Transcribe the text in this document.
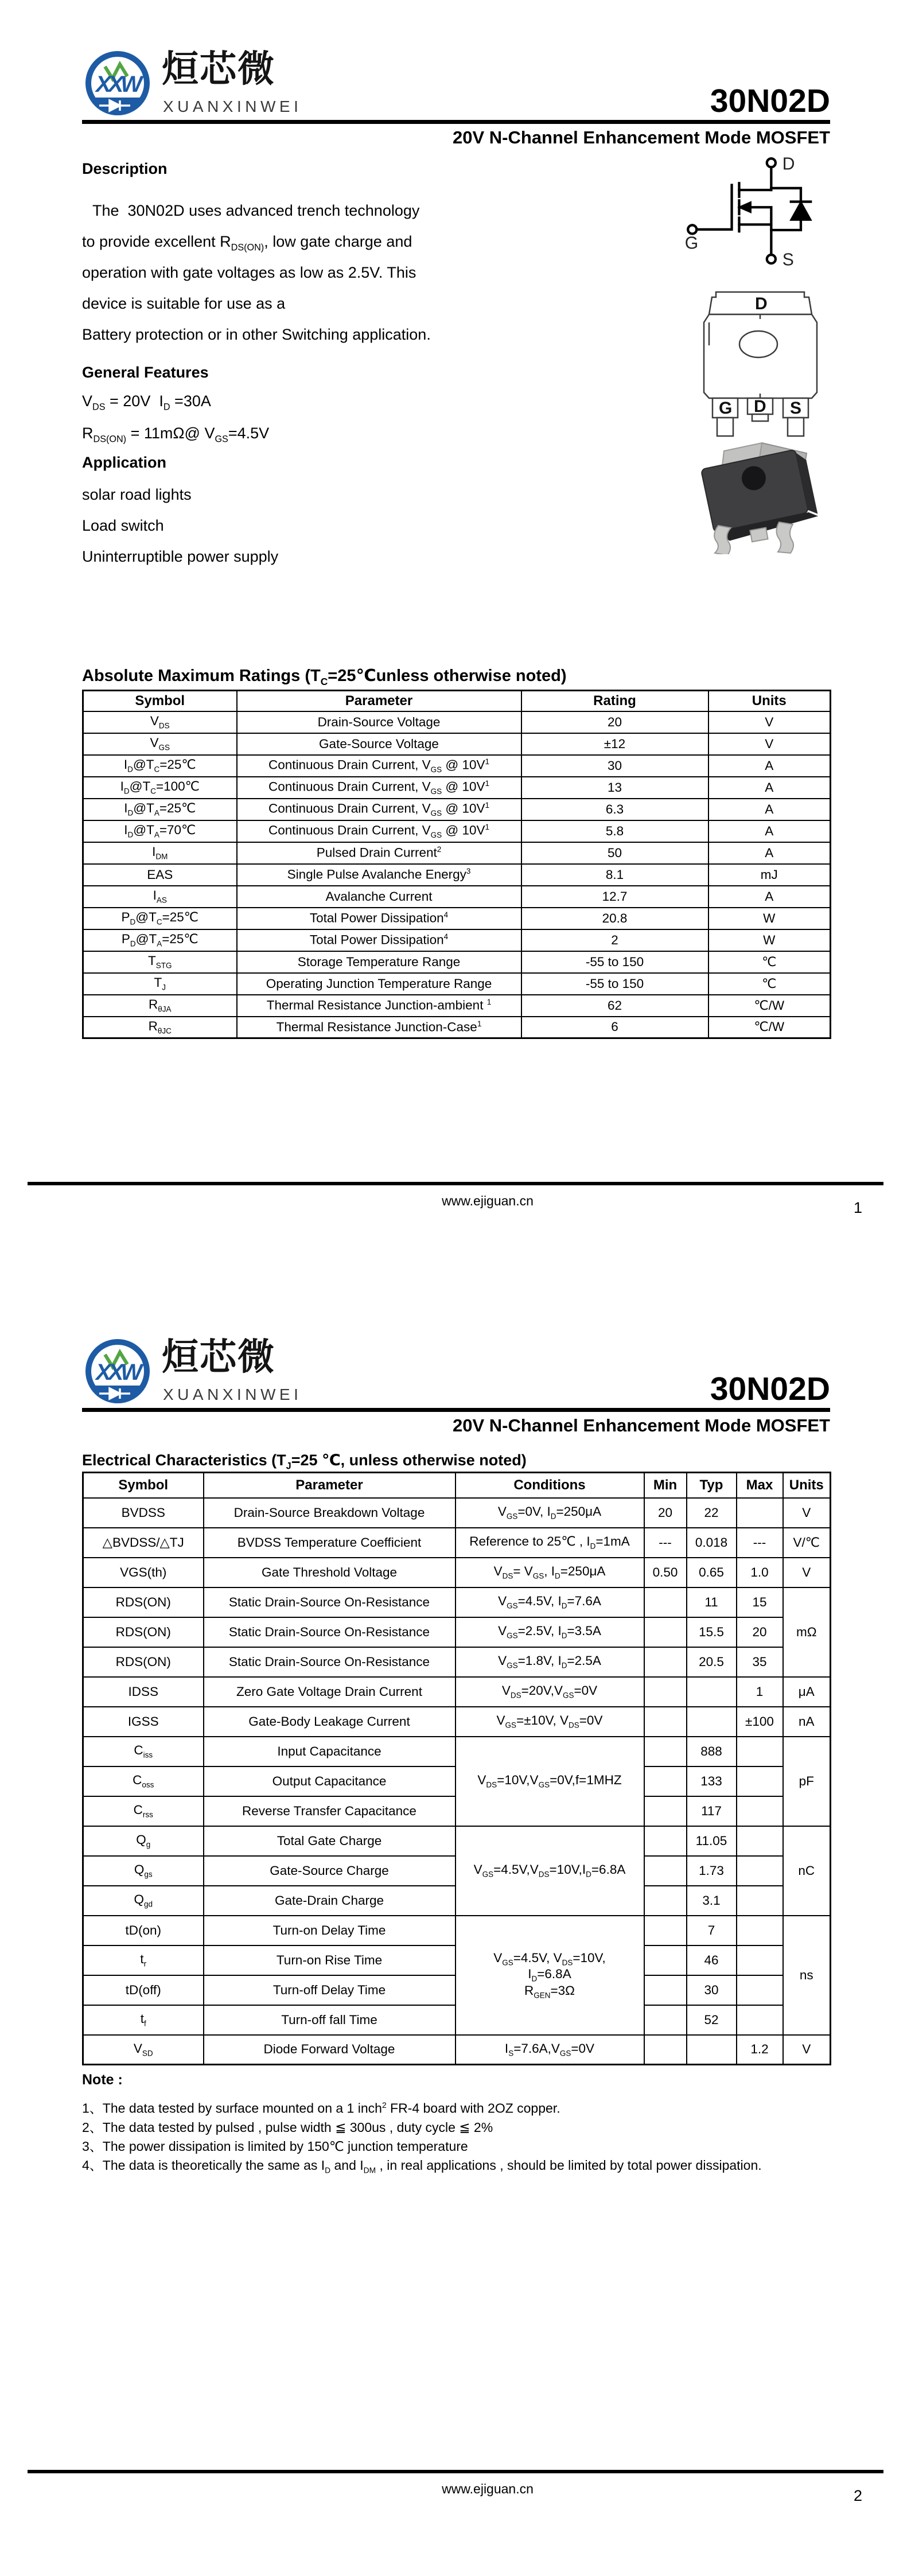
XXW 烜芯微
XUANXINWEI	30N02D
20V N-Channel Enhancement Mode MOSFET
Description
The  30N02D uses advanced trench technology
to provide excellent $R_{DS(ON)}$, low gate charge and
operation with gate voltages as low as 2.5V. This
device is suitable for use as a
Battery protection or in other Switching application.
General Features
$V_{DS} = 20V$  $I_D =30A$
$R_{DS(ON)}$ = 11mΩ@ $V_{GS}=4.5V$
Application
solar road lights
Load switch
Uninterruptible power supply
D
G
S
D
G D S
Absolute Maximum Ratings ($T_C=25℃unless$ otherwise noted)
Symbol	Parameter	Rating	Units
$V_{DS}$	Drain-Source Voltage	20	V
$V_{GS}$	Gate-Source Voltage	±12	V
$I_D@T_C=25℃$	Continuous Drain Current, $V_{GS}$ @ $10V^1$	30	A
$I_D@T_C=100℃$	Continuous Drain Current, $V_{GS}$ @ $10V^1$	13	A
$I_D@T_A=25℃$	Continuous Drain Current, $V_{GS}$ @ $10V^1$	6.3	A
$I_D@T_A=70℃$	Continuous Drain Current, $V_{GS}$ @ $10V^1$	5.8	A
$I_{DM}$	Pulsed Drain Current$^2$	50	A
EAS	Single Pulse Avalanche Energy$^3$	8.1	mJ
$I_{AS}$	Avalanche Current	12.7	A
$P_D@T_C=25℃$	Total Power Dissipation$^4$	20.8	W
$P_D@T_A=25℃$	Total Power Dissipation$^4$	2	W
$T_{STG}$	Storage Temperature Range	-55 to 150	℃
$T_J$	Operating Junction Temperature Range	-55 to 150	℃
$R_{\theta JA}$	Thermal Resistance Junction-ambient $^1$	62	℃/W
$R_{\theta JC}$	Thermal Resistance Junction-Case$^1$	6	℃/W
www.ejiguan.cn	1
XXW 烜芯微
XUANXINWEI	30N02D
20V N-Channel Enhancement Mode MOSFET
Electrical Characteristics ($T_J=25$ ℃, unless otherwise noted)
Symbol	Parameter	Conditions	Min	Typ	Max	Units
BVDSS	Drain-Source Breakdown Voltage	$V_{GS}=0V$, $I_D=250\mu A$	20	22		V
△BVDSS/△TJ	BVDSS Temperature Coefficient	Reference to 25℃ , $I_D=1mA$	---	0.018	---	V/℃
VGS(th)	Gate Threshold Voltage	$V_{DS}= V_{GS}$, $I_D=250\mu A$	0.50	0.65	1.0	V
RDS(ON)	Static Drain-Source On-Resistance	$V_{GS}=4.5V$, $I_D=7.6A$		11	15	mΩ
RDS(ON)	Static Drain-Source On-Resistance	$V_{GS}=2.5V$, $I_D=3.5A$		15.5	20	
RDS(ON)	Static Drain-Source On-Resistance	$V_{GS}=1.8V$, $I_D=2.5A$		20.5	35	
IDSS	Zero Gate Voltage Drain Current	$V_{DS}=20V,V_{GS}=0V$			1	μA
IGSS	Gate-Body Leakage Current	$V_{GS}=\pm 10V$, $V_{DS}=0V$			±100	nA
$C_{iss}$	Input Capacitance	$V_{DS}=10V,V_{GS}=0V,f=1MHZ$		888		pF
$C_{oss}$	Output Capacitance			133		
$C_{rss}$	Reverse Transfer Capacitance			117		
$Q_g$	Total Gate Charge	$V_{GS}=4.5V,V_{DS}=10V,I_D=6.8A$		11.05		nC
$Q_{gs}$	Gate-Source Charge			1.73		
$Q_{gd}$	Gate-Drain Charge			3.1		
tD(on)	Turn-on Delay Time	$V_{GS}=4.5V$, $V_{DS}=10V$,
$I_D=6.8A$
$R_{GEN}=3\Omega$		7		ns
$t_r$	Turn-on Rise Time			46		
tD(off)	Turn-off Delay Time			30		
$t_f$	Turn-off fall Time			52		
$V_{SD}$	Diode Forward Voltage	$I_S=7.6A,V_{GS}=0V$			1.2	V
Note :
1、The data tested by surface mounted on a 1 inch$^2$ FR-4 board with 2OZ copper.
2、The data tested by pulsed , pulse width ≦ 300us , duty cycle ≦ 2%
3、The power dissipation is limited by 150℃ junction temperature
4、The data is theoretically the same as $I_D$ and $I_{DM}$ , in real applications , should be limited by total power dissipation.
www.ejiguan.cn	2
